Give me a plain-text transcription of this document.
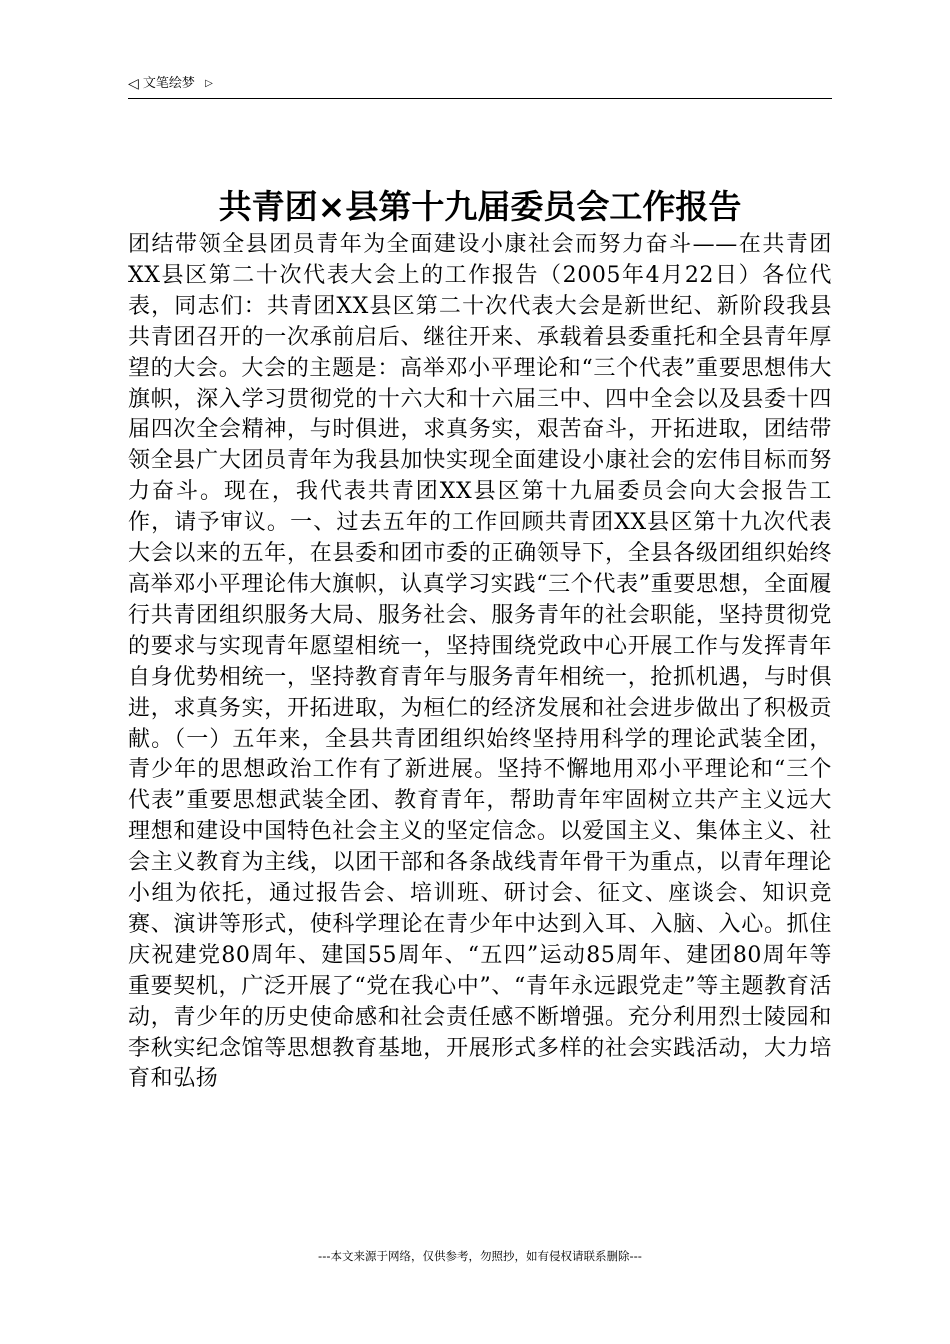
◁ 文笔绘梦 ▷
共青团×县第十九届委员会工作报告

团结带领全县团员青年为全面建设小康社会而努力奋斗——在共青团XX县区第二十次代表大会上的工作报告（2005年4月22日）各位代表，同志们：共青团XX县区第二十次代表大会是新世纪、新阶段我县共青团召开的一次承前启后、继往开来、承载着县委重托和全县青年厚望的大会。大会的主题是：高举邓小平理论和“三个代表”重要思想伟大旗帜，深入学习贯彻党的十六大和十六届三中、四中全会以及县委十四届四次全会精神，与时俱进，求真务实，艰苦奋斗，开拓进取，团结带领全县广大团员青年为我县加快实现全面建设小康社会的宏伟目标而努力奋斗。现在，我代表共青团XX县区第十九届委员会向大会报告工作，请予审议。一、过去五年的工作回顾共青团XX县区第十九次代表大会以来的五年，在县委和团市委的正确领导下，全县各级团组织始终高举邓小平理论伟大旗帜，认真学习实践“三个代表”重要思想，全面履行共青团组织服务大局、服务社会、服务青年的社会职能，坚持贯彻党的要求与实现青年愿望相统一，坚持围绕党政中心开展工作与发挥青年自身优势相统一，坚持教育青年与服务青年相统一，抢抓机遇，与时俱进，求真务实，开拓进取，为桓仁的经济发展和社会进步做出了积极贡献。（一）五年来，全县共青团组织始终坚持用科学的理论武装全团，青少年的思想政治工作有了新进展。坚持不懈地用邓小平理论和“三个代表”重要思想武装全团、教育青年，帮助青年牢固树立共产主义远大理想和建设中国特色社会主义的坚定信念。以爱国主义、集体主义、社会主义教育为主线，以团干部和各条战线青年骨干为重点，以青年理论小组为依托，通过报告会、培训班、研讨会、征文、座谈会、知识竞赛、演讲等形式，使科学理论在青少年中达到入耳、入脑、入心。抓住庆祝建党80周年、建国55周年、“五四”运动85周年、建团80周年等重要契机，广泛开展了“党在我心中”、“青年永远跟党走”等主题教育活动，青少年的历史使命感和社会责任感不断增强。充分利用烈士陵园和李秋实纪念馆等思想教育基地，开展形式多样的社会实践活动，大力培育和弘扬

---本文来源于网络，仅供参考，勿照抄，如有侵权请联系删除---
